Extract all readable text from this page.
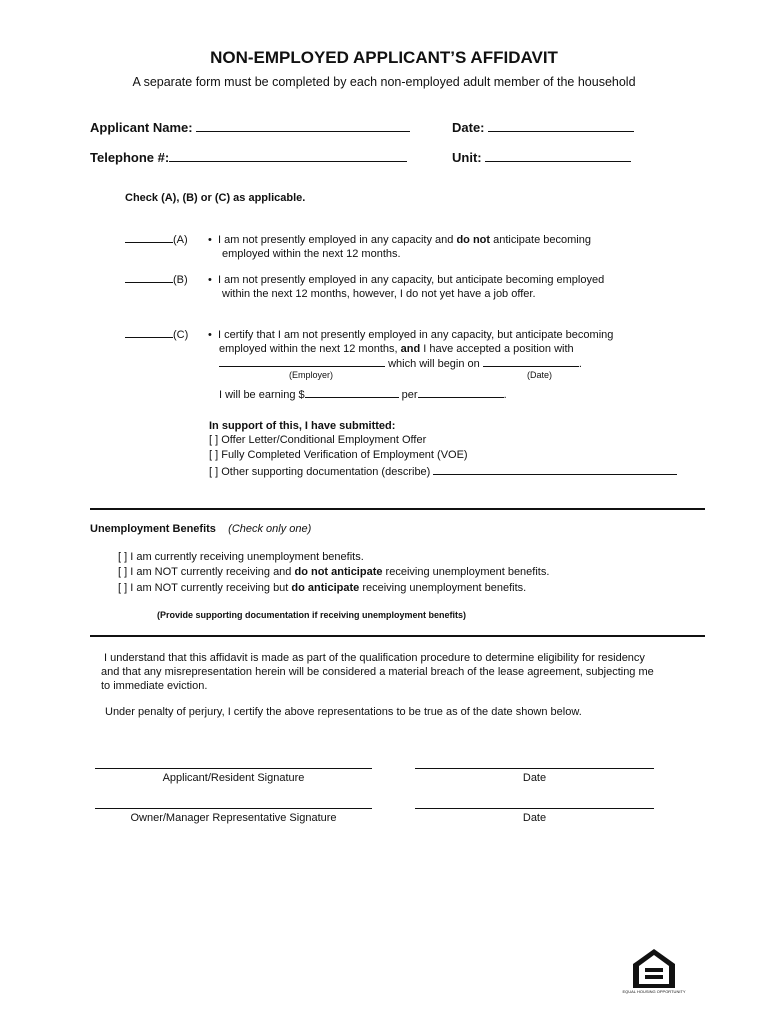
NON-EMPLOYED APPLICANT’S AFFIDAVIT
A separate form must be completed by each non-employed adult member of the household
Applicant Name:	Date:
Telephone #:	Unit:
Check (A), (B) or (C) as applicable.
(A) • I am not presently employed in any capacity and do not anticipate becoming
employed within the next 12 months.
(B) • I am not presently employed in any capacity, but anticipate becoming employed
within the next 12 months, however, I do not yet have a job offer.
(C) • I certify that I am not presently employed in any capacity, but anticipate becoming
employed within the next 12 months, and I have accepted a position with
which will begin on	.
(Employer)	(Date)
I will be earning $	per	.
In support of this, I have submitted:
[ ] Offer Letter/Conditional Employment Offer
[ ] Fully Completed Verification of Employment (VOE)
[ ] Other supporting documentation (describe)
Unemployment Benefits (Check only one)
[ ] I am currently receiving unemployment benefits.
[ ] I am NOT currently receiving and do not anticipate receiving unemployment benefits.
[ ] I am NOT currently receiving but do anticipate receiving unemployment benefits.
(Provide supporting documentation if receiving unemployment benefits)
I understand that this affidavit is made as part of the qualification procedure to determine eligibility for residency
and that any misrepresentation herein will be considered a material breach of the lease agreement, subjecting me
to immediate eviction.
Under penalty of perjury, I certify the above representations to be true as of the date shown below.
Applicant/Resident Signature	Date
Owner/Manager Representative Signature	Date
EQUAL HOUSING OPPORTUNITY
